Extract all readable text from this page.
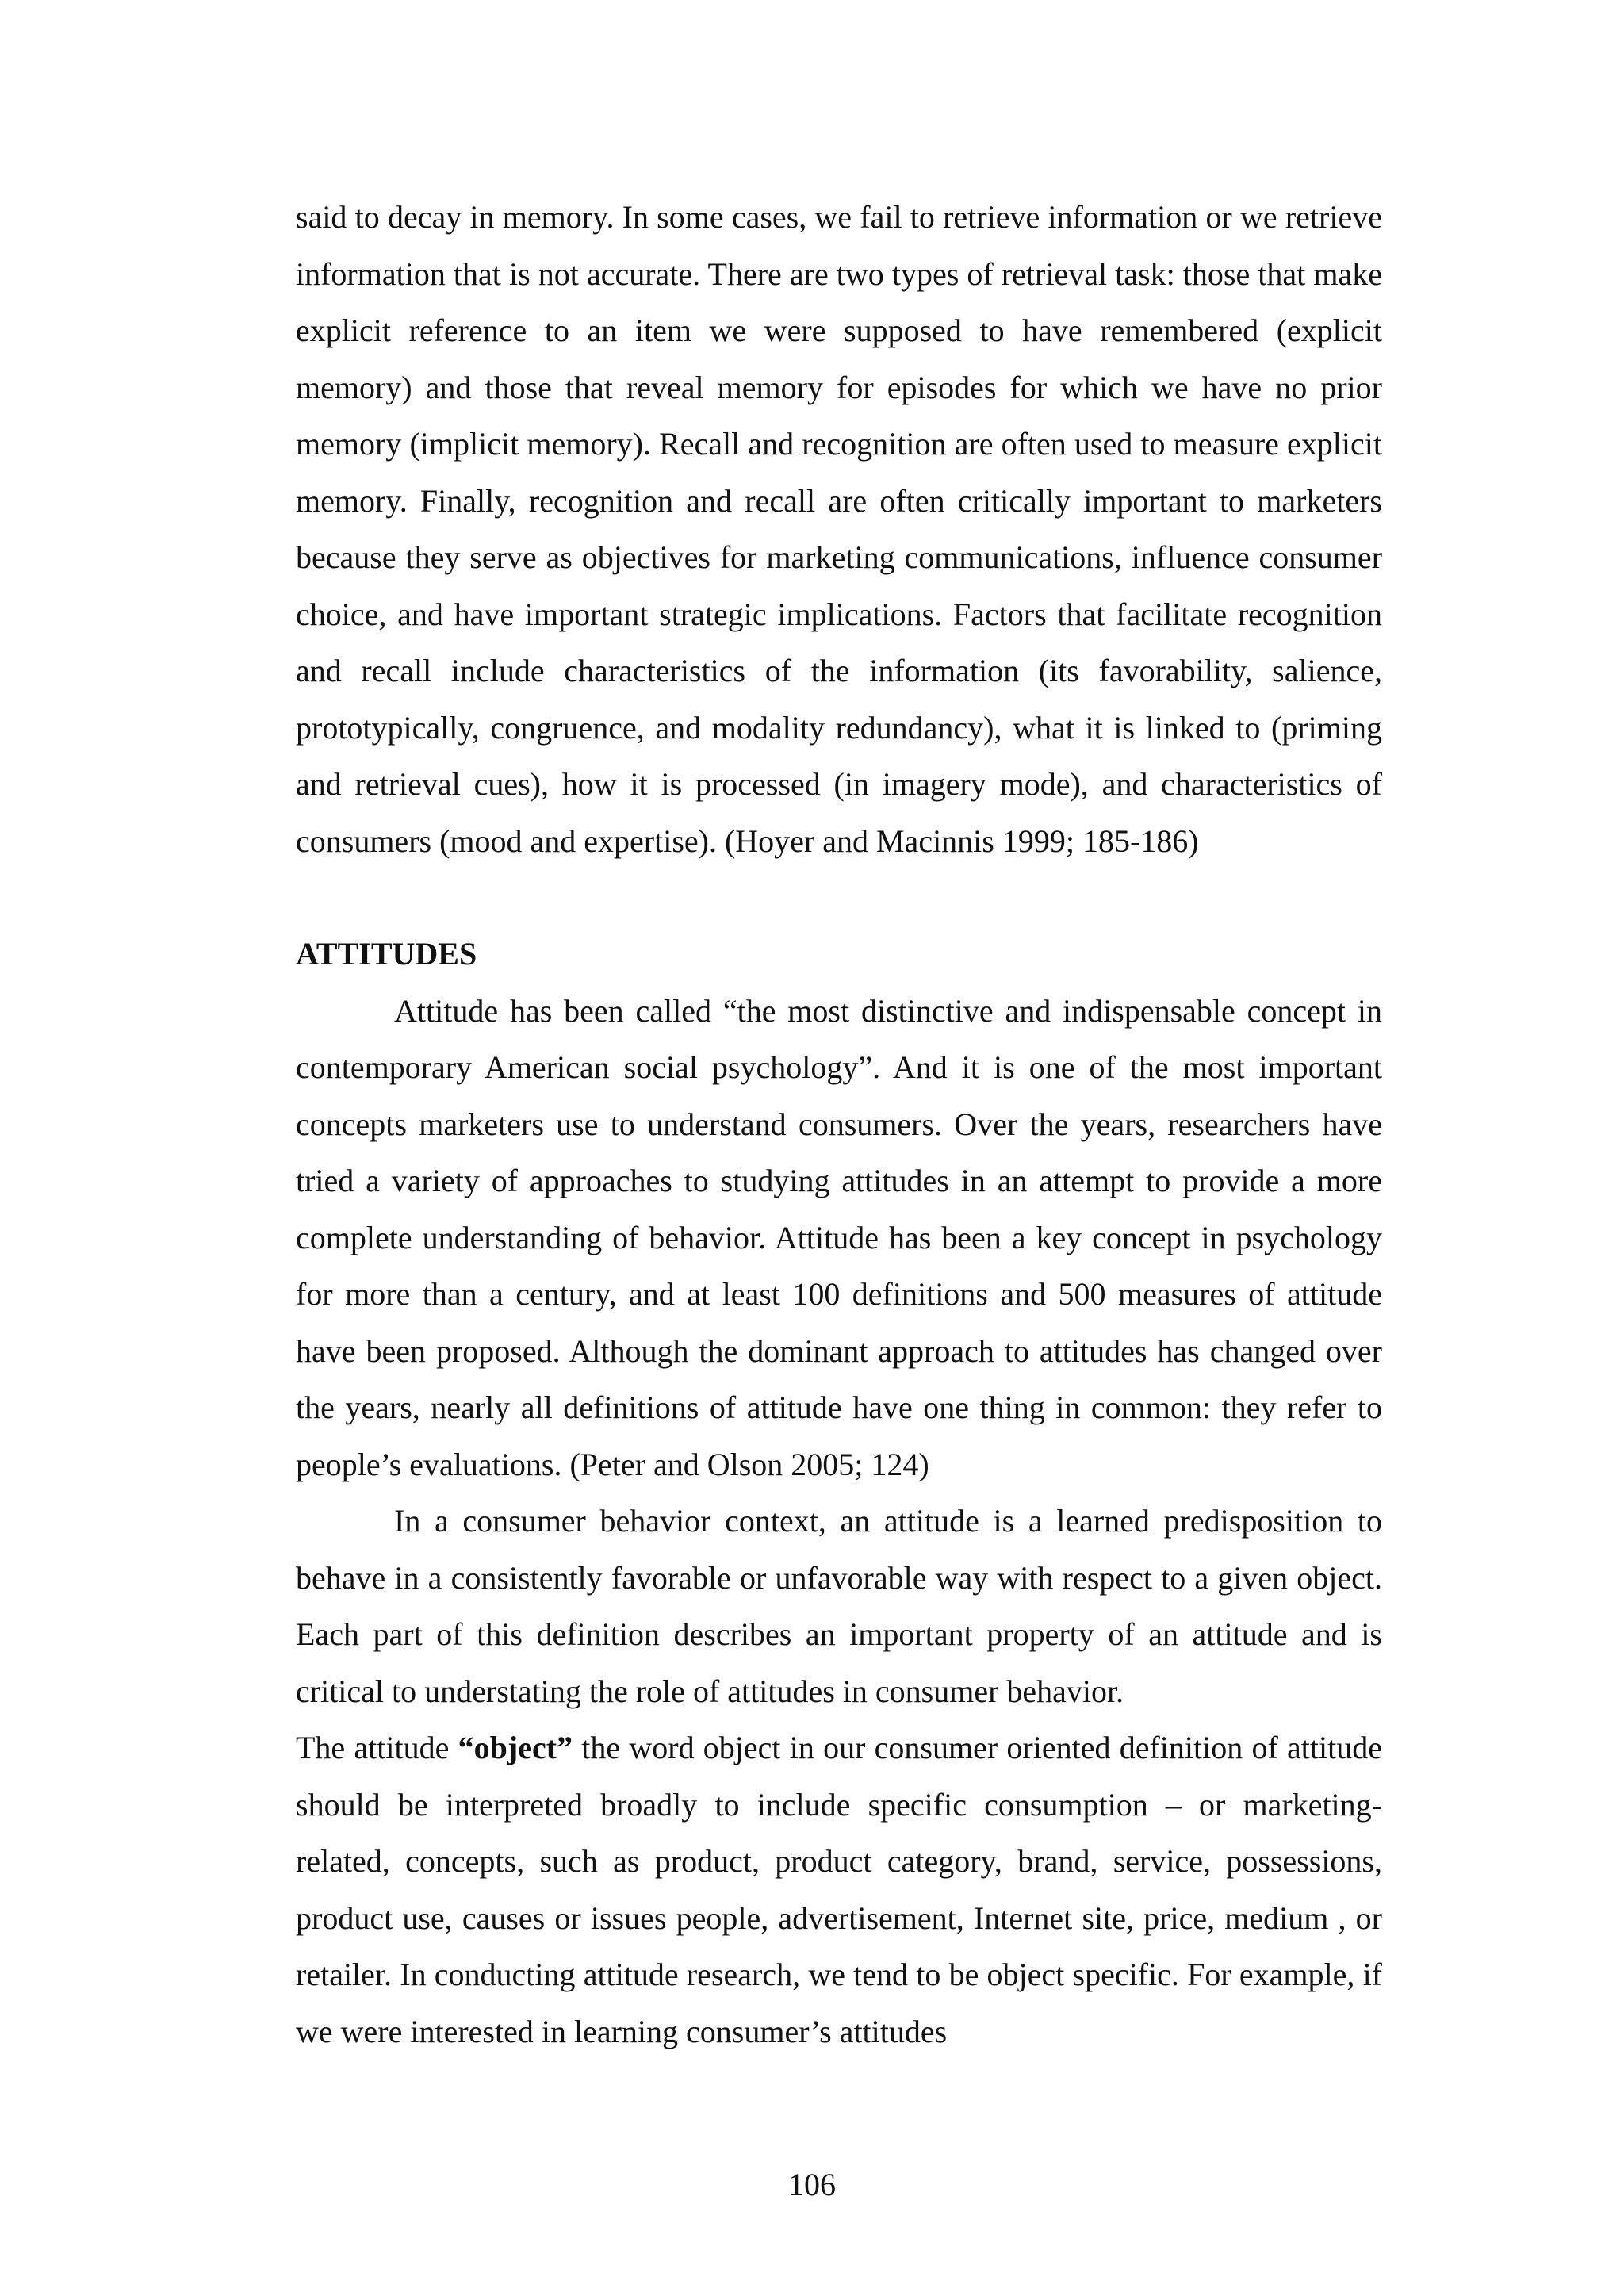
said to decay in memory. In some cases, we fail to retrieve information or we retrieve information that is not accurate. There are two types of retrieval task: those that make explicit reference to an item we were supposed to have remembered (explicit memory) and those that reveal memory for episodes for which we have no prior memory (implicit memory). Recall and recognition are often used to measure explicit memory. Finally, recognition and recall are often critically important to marketers because they serve as objectives for marketing communications, influence consumer choice, and have important strategic implications. Factors that facilitate recognition and recall include characteristics of the information (its favorability, salience, prototypically, congruence, and modality redundancy), what it is linked to (priming and retrieval cues), how it is processed (in imagery mode), and characteristics of consumers (mood and expertise). (Hoyer and Macinnis 1999; 185-186)

ATTITUDES

Attitude has been called “the most distinctive and indispensable concept in contemporary American social psychology”. And it is one of the most important concepts marketers use to understand consumers. Over the years, researchers have tried a variety of approaches to studying attitudes in an attempt to provide a more complete understanding of behavior. Attitude has been a key concept in psychology for more than a century, and at least 100 definitions and 500 measures of attitude have been proposed. Although the dominant approach to attitudes has changed over the years, nearly all definitions of attitude have one thing in common: they refer to people’s evaluations. (Peter and Olson 2005; 124)

In a consumer behavior context, an attitude is a learned predisposition to behave in a consistently favorable or unfavorable way with respect to a given object. Each part of this definition describes an important property of an attitude and is critical to understating the role of attitudes in consumer behavior.

The attitude “object” the word object in our consumer oriented definition of attitude should be interpreted broadly to include specific consumption – or marketing- related, concepts, such as product, product category, brand, service, possessions, product use, causes or issues people, advertisement, Internet site, price, medium , or retailer. In conducting attitude research, we tend to be object specific. For example, if we were interested in learning consumer’s attitudes

106
